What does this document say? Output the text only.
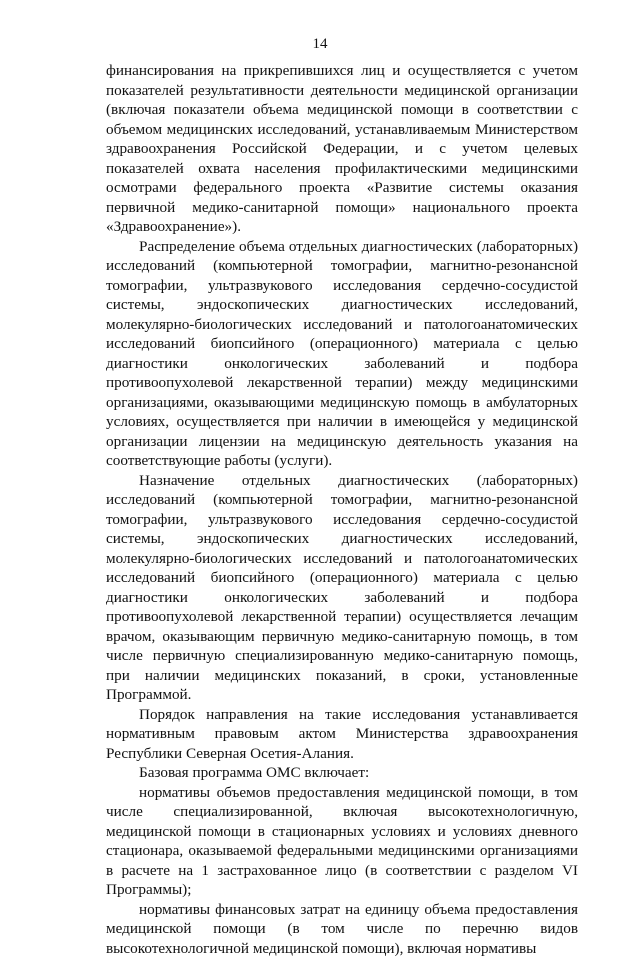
14

финансирования на прикрепившихся лиц и осуществляется с учетом показателей результативности деятельности медицинской организации (включая показатели объема медицинской помощи в соответствии с объемом медицинских исследований, устанавливаемым Министерством здравоохранения Российской Федерации, и с учетом целевых показателей охвата населения профилактическими медицинскими осмотрами федерального проекта «Развитие системы оказания первичной медико-санитарной помощи» национального проекта «Здравоохранение»).

Распределение объема отдельных диагностических (лабораторных) исследований (компьютерной томографии, магнитно-резонансной томографии, ультразвукового исследования сердечно-сосудистой системы, эндоскопических диагностических исследований, молекулярно-биологических исследований и патологоанатомических исследований биопсийного (операционного) материала с целью диагностики онкологических заболеваний и подбора противоопухолевой лекарственной терапии) между медицинскими организациями, оказывающими медицинскую помощь в амбулаторных условиях, осуществляется при наличии в имеющейся у медицинской организации лицензии на медицинскую деятельность указания на соответствующие работы (услуги).

Назначение отдельных диагностических (лабораторных) исследований (компьютерной томографии, магнитно-резонансной томографии, ультразвукового исследования сердечно-сосудистой системы, эндоскопических диагностических исследований, молекулярно-биологических исследований и патологоанатомических исследований биопсийного (операционного) материала с целью диагностики онкологических заболеваний и подбора противоопухолевой лекарственной терапии) осуществляется лечащим врачом, оказывающим первичную медико-санитарную помощь, в том числе первичную специализированную медико-санитарную помощь, при наличии медицинских показаний, в сроки, установленные Программой.

Порядок направления на такие исследования устанавливается нормативным правовым актом Министерства здравоохранения Республики Северная Осетия-Алания.

Базовая программа ОМС включает:

нормативы объемов предоставления медицинской помощи, в том числе специализированной, включая высокотехнологичную, медицинской помощи в стационарных условиях и условиях дневного стационара, оказываемой федеральными медицинскими организациями в расчете на 1 застрахованное лицо (в соответствии с разделом VI Программы);

нормативы финансовых затрат на единицу объема предоставления медицинской помощи (в том числе по перечню видов высокотехнологичной медицинской помощи), включая нормативы
